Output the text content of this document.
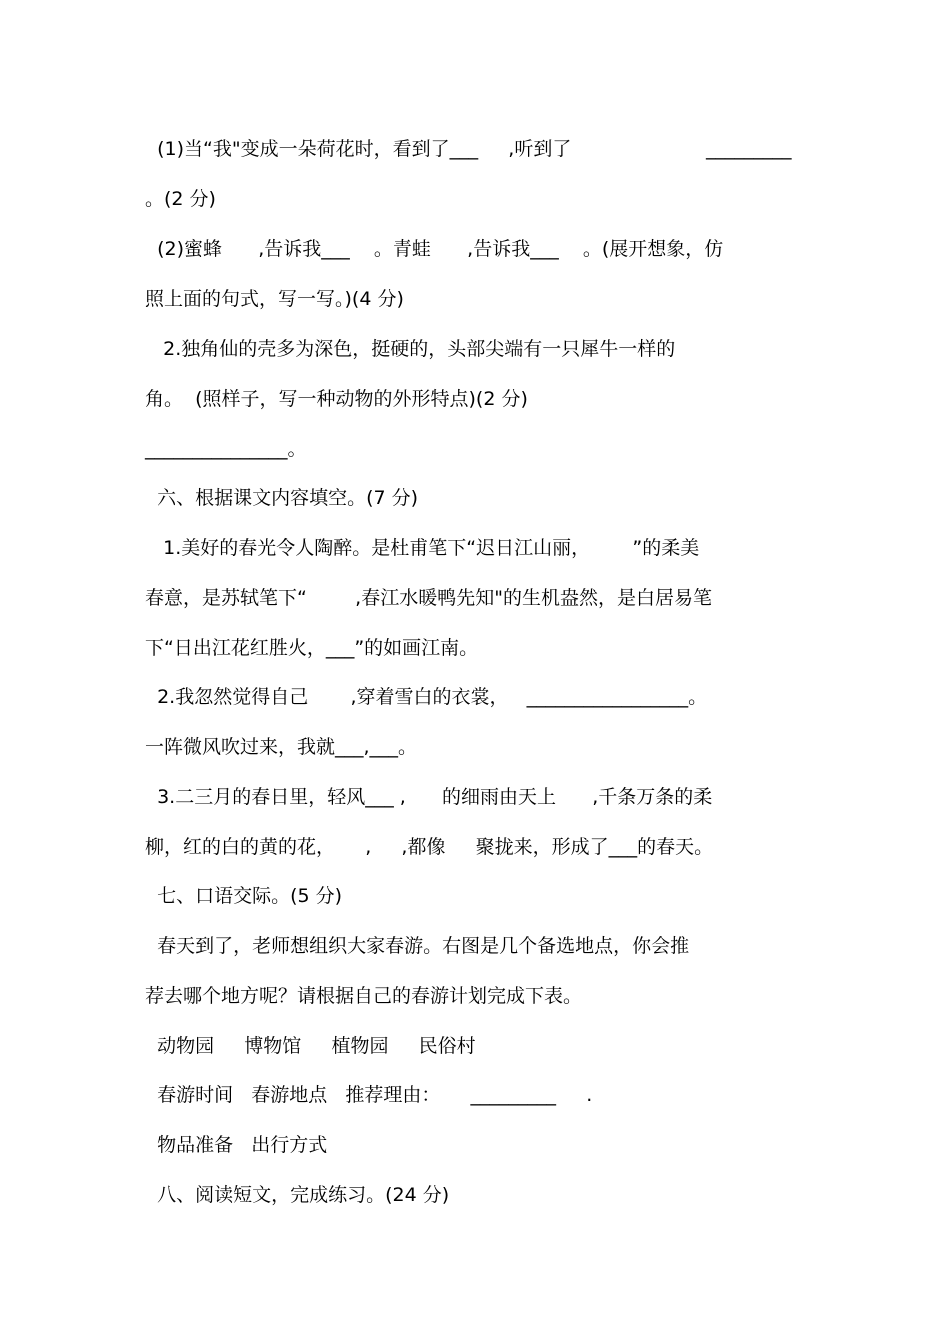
(1)当“我"变成一朵荷花时，看到了___     ,听到了	_________
。(2 分)
(2)蜜蜂      ,告诉我___    。青蛙      ,告诉我___    。(展开想象，仿
照上面的句式，写一写。)(4 分)
2.独角仙的壳多为深色，挺硬的，头部尖端有一只犀牛一样的
角。  (照样子，写一种动物的外形特点)(2 分)
_______________。
六、根据课文内容填空。(7 分)
1.美好的春光令人陶醉。是杜甫笔下“迟日江山丽，       ”的柔美
春意，是苏轼笔下“        ,春江水暖鸭先知"的生机盎然，是白居易笔
下“日出江花红胜火，___”的如画江南。
2.我忽然觉得自己       ,穿着雪白的衣裳，   _________________。
一阵微风吹过来，我就___,___。
3.二三月的春日里，轻风___ ,      的细雨由天上      ,千条万条的柔
柳，红的白的黄的花，     ,     ,都像     聚拢来，形成了___的春天。
七、口语交际。(5 分)
春天到了，老师想组织大家春游。右图是几个备选地点，你会推
荐去哪个地方呢？请根据自己的春游计划完成下表。
动物园     博物馆     植物园     民俗村
春游时间   春游地点   推荐理由：     _________     .
物品准备   出行方式
八、阅读短文，完成练习。(24 分)
